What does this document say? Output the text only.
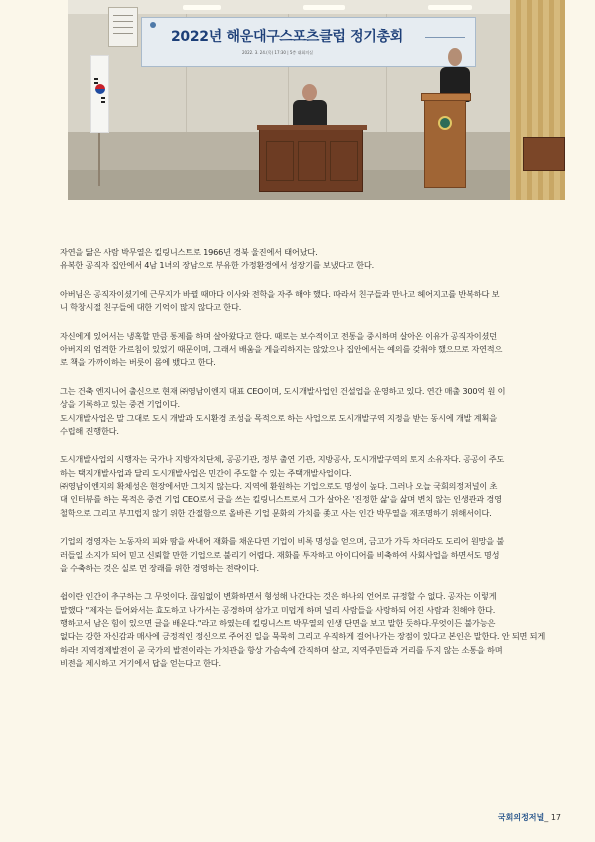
2022년 해운대구스포츠클럽 정기총회
2022. 3. 24.(목) 17:30 | 5층 대회의실

자연을 닮은 사람 박무열은 킬링니스트로 1966년 경북 울진에서 태어났다.
유복한 공직자 집안에서 4남 1녀의 장남으로 부유한 가정환경에서 성장기를 보냈다고 한다.

아버님은 공직자이셨기에 근무지가 바뀔 때마다 이사와 전학을 자주 해야 했다. 따라서 친구들과 만나고 헤어지고를 반복하다 보
니 학창시절 친구들에 대한 기억이 많지 않다고 한다.

자신에게 있어서는 냉혹할 만큼 통제를 하며 살아왔다고 한다. 때로는 보수적이고 전통을 중시하며 살아온 이유가 공직자이셨던
아버지의 엄격한 가르침이 있었기 때문이며, 그래서 배움을 게을리하지는 않았으나 집안에서는 예의를 갖춰야 했으므로 자연적으
로 책을 가까이하는 버릇이 몸에 뱄다고 한다.

그는 건축 엔지니어 출신으로 현재 ㈜영남이엔지 대표 CEO이며, 도시개발사업인 건설업을 운영하고 있다. 연간 매출 300억 원 이
상을 기록하고 있는 중견 기업이다.
도시개발사업은 말 그대로 도시 개발과 도시환경 조성을 목적으로 하는 사업으로 도시개발구역 지정을 받는 동시에 개발 계획을
수립해 진행한다.

도시개발사업의 시행자는 국가나 지방자치단체, 공공기관, 정부 출연 기관, 지방공사, 도시개발구역의 토지 소유자다. 공공이 주도
하는 택지개발사업과 달리 도시개발사업은 민간이 주도할 수 있는 주택개발사업이다.
㈜영남이엔지의 확체성은 현장에서만 그치지 않는다. 지역에 환원하는 기업으로도 명성이 높다. 그러나 오늘 국회의정저널이 초
대 인터뷰를 하는 목적은 중견 기업 CEO로서 글을 쓰는 킬링니스트로서 그가 살아온 '진정한 삶'을 삶며 변치 않는 인생관과 경영
철학으로 그리고 부끄럽지 않기 위한 간절함으로 올바른 기업 문화의 가치를 좇고 사는 인간 박무열을 재조명하기 위해서이다.

기업의 경영자는 노동자의 피와 땀을 싸내어 재화를 채운다면 기업이 비록 명성을 얻으며, 금고가 가득 차더라도 도리어 원망을 불
러들일 소지가 되어 믿고 신뢰할 만한 기업으로 불리기 어렵다. 재화를 투자하고 아이디어를 비축하여 사회사업을 하면서도 명성
을 수축하는 것은 실로 먼 장래를 위한 경영하는 전략이다.

쉽이란 인간이 추구하는 그 무엇이다. 끊임없이 변화하면서 형성해 나간다는 것은 하나의 언어로 규정할 수 없다. 공자는 이렇게
말했다 "제자는 들어와서는 효도하고 나가서는 공경하며 삼가고 미덥게 하며 널리 사람들을 사랑하되 어진 사람과 친해야 한다.
행하고서 남은 힘이 있으면 글을 배운다."라고 하였는데 킬링니스트 박무열의 인생 단면을 보고 말한 듯하다.무엇이든 불가능은
없다는 강한 자신감과 매사에 긍정적인 정신으로 주어진 일을 묵묵히 그리고 우직하게 걸어나가는 장점이 있다고 본인은 말한다. 안 되면 되게
하라! 지역경제발전이 곧 국가의 발전이라는 가치관을 항상 가슴속에 간직하며 살고, 지역주민들과 거리를 두지 않는 소통을 하며
비전을 제시하고 거기에서 답을 얻는다고 한다.

국회의정저널_ 17
